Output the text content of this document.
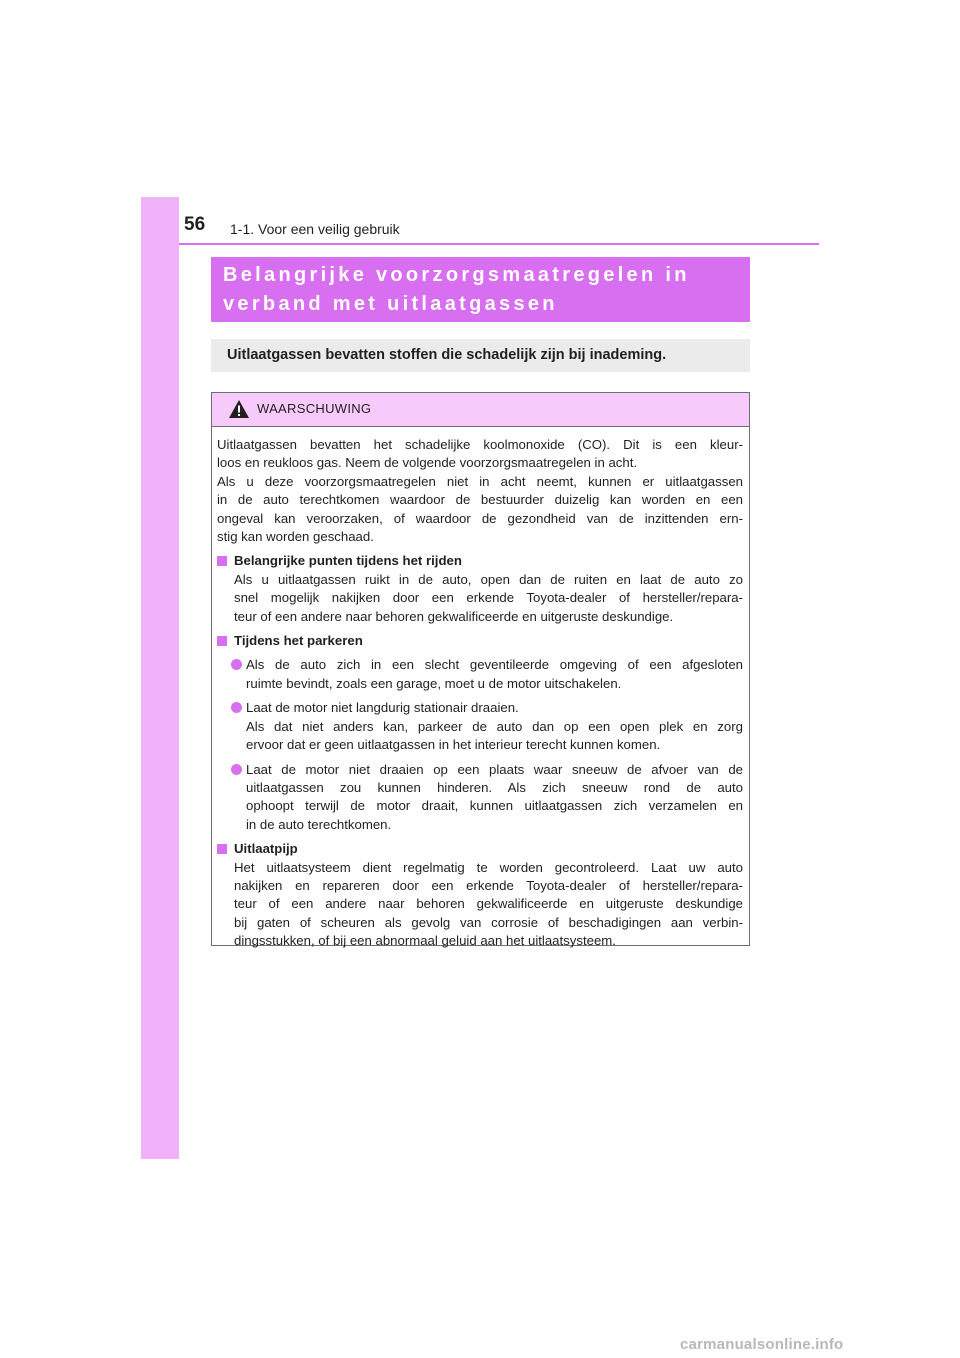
56 1-1. Voor een veilig gebruik
Belangrijke voorzorgsmaatregelen in
verband met uitlaatgassen
Uitlaatgassen bevatten stoffen die schadelijk zijn bij inademing.
WAARSCHUWING
Uitlaatgassen bevatten het schadelijke koolmonoxide (CO). Dit is een kleur-
loos en reukloos gas. Neem de volgende voorzorgsmaatregelen in acht.
Als u deze voorzorgsmaatregelen niet in acht neemt, kunnen er uitlaatgassen
in de auto terechtkomen waardoor de bestuurder duizelig kan worden en een
ongeval kan veroorzaken, of waardoor de gezondheid van de inzittenden ern-
stig kan worden geschaad.
Belangrijke punten tijdens het rijden
Als u uitlaatgassen ruikt in de auto, open dan de ruiten en laat de auto zo
snel mogelijk nakijken door een erkende Toyota-dealer of hersteller/repara-
teur of een andere naar behoren gekwalificeerde en uitgeruste deskundige.
Tijdens het parkeren
Als de auto zich in een slecht geventileerde omgeving of een afgesloten
ruimte bevindt, zoals een garage, moet u de motor uitschakelen.
Laat de motor niet langdurig stationair draaien.
Als dat niet anders kan, parkeer de auto dan op een open plek en zorg
ervoor dat er geen uitlaatgassen in het interieur terecht kunnen komen.
Laat de motor niet draaien op een plaats waar sneeuw de afvoer van de
uitlaatgassen zou kunnen hinderen. Als zich sneeuw rond de auto
ophoopt terwijl de motor draait, kunnen uitlaatgassen zich verzamelen en
in de auto terechtkomen.
Uitlaatpijp
Het uitlaatsysteem dient regelmatig te worden gecontroleerd. Laat uw auto
nakijken en repareren door een erkende Toyota-dealer of hersteller/repara-
teur of een andere naar behoren gekwalificeerde en uitgeruste deskundige
bij gaten of scheuren als gevolg van corrosie of beschadigingen aan verbin-
dingsstukken, of bij een abnormaal geluid aan het uitlaatsysteem.
carmanualsonline.info
